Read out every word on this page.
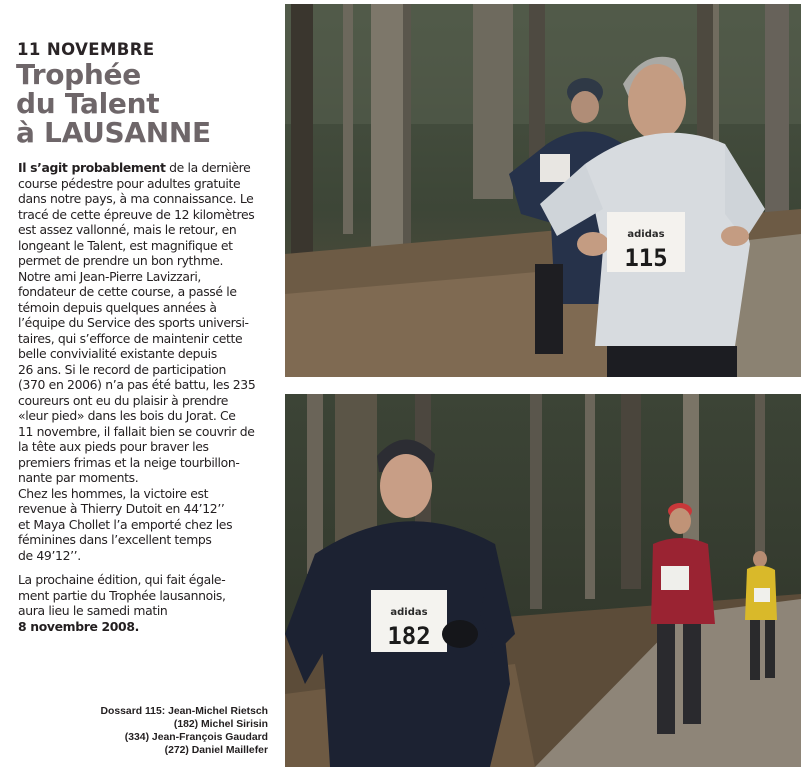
11 NOVEMBRE

Trophée
du Talent
à LAUSANNE
Il s’agit probablement de la dernière
course pédestre pour adultes gratuite
dans notre pays, à ma connaissance. Le
tracé de cette épreuve de 12 kilomètres
est assez vallonné, mais le retour, en
longeant le Talent, est magnifique et
permet de prendre un bon rythme.
Notre ami Jean-Pierre Lavizzari,
fondateur de cette course, a passé le
témoin depuis quelques années à
l’équipe du Service des sports universi-
taires, qui s’efforce de maintenir cette
belle convivialité existante depuis
26 ans. Si le record de participation
(370 en 2006) n’a pas été battu, les 235
coureurs ont eu du plaisir à prendre
«leur pied» dans les bois du Jorat. Ce
11 novembre, il fallait bien se couvrir de
la tête aux pieds pour braver les
premiers frimas et la neige tourbillon-
nante par moments.
Chez les hommes, la victoire est
revenue à Thierry Dutoit en 44’12’’
et Maya Chollet l’a emporté chez les
féminines dans l’excellent temps
de 49’12’’.
La prochaine édition, qui fait égale-
ment partie du Trophée lausannois,
aura lieu le samedi matin
8 novembre 2008.
Dossard 115: Jean-Michel Rietsch
(182) Michel Sirisin
(334) Jean-François Gaudard
(272) Daniel Maillefer
adidas
115
adidas
182
